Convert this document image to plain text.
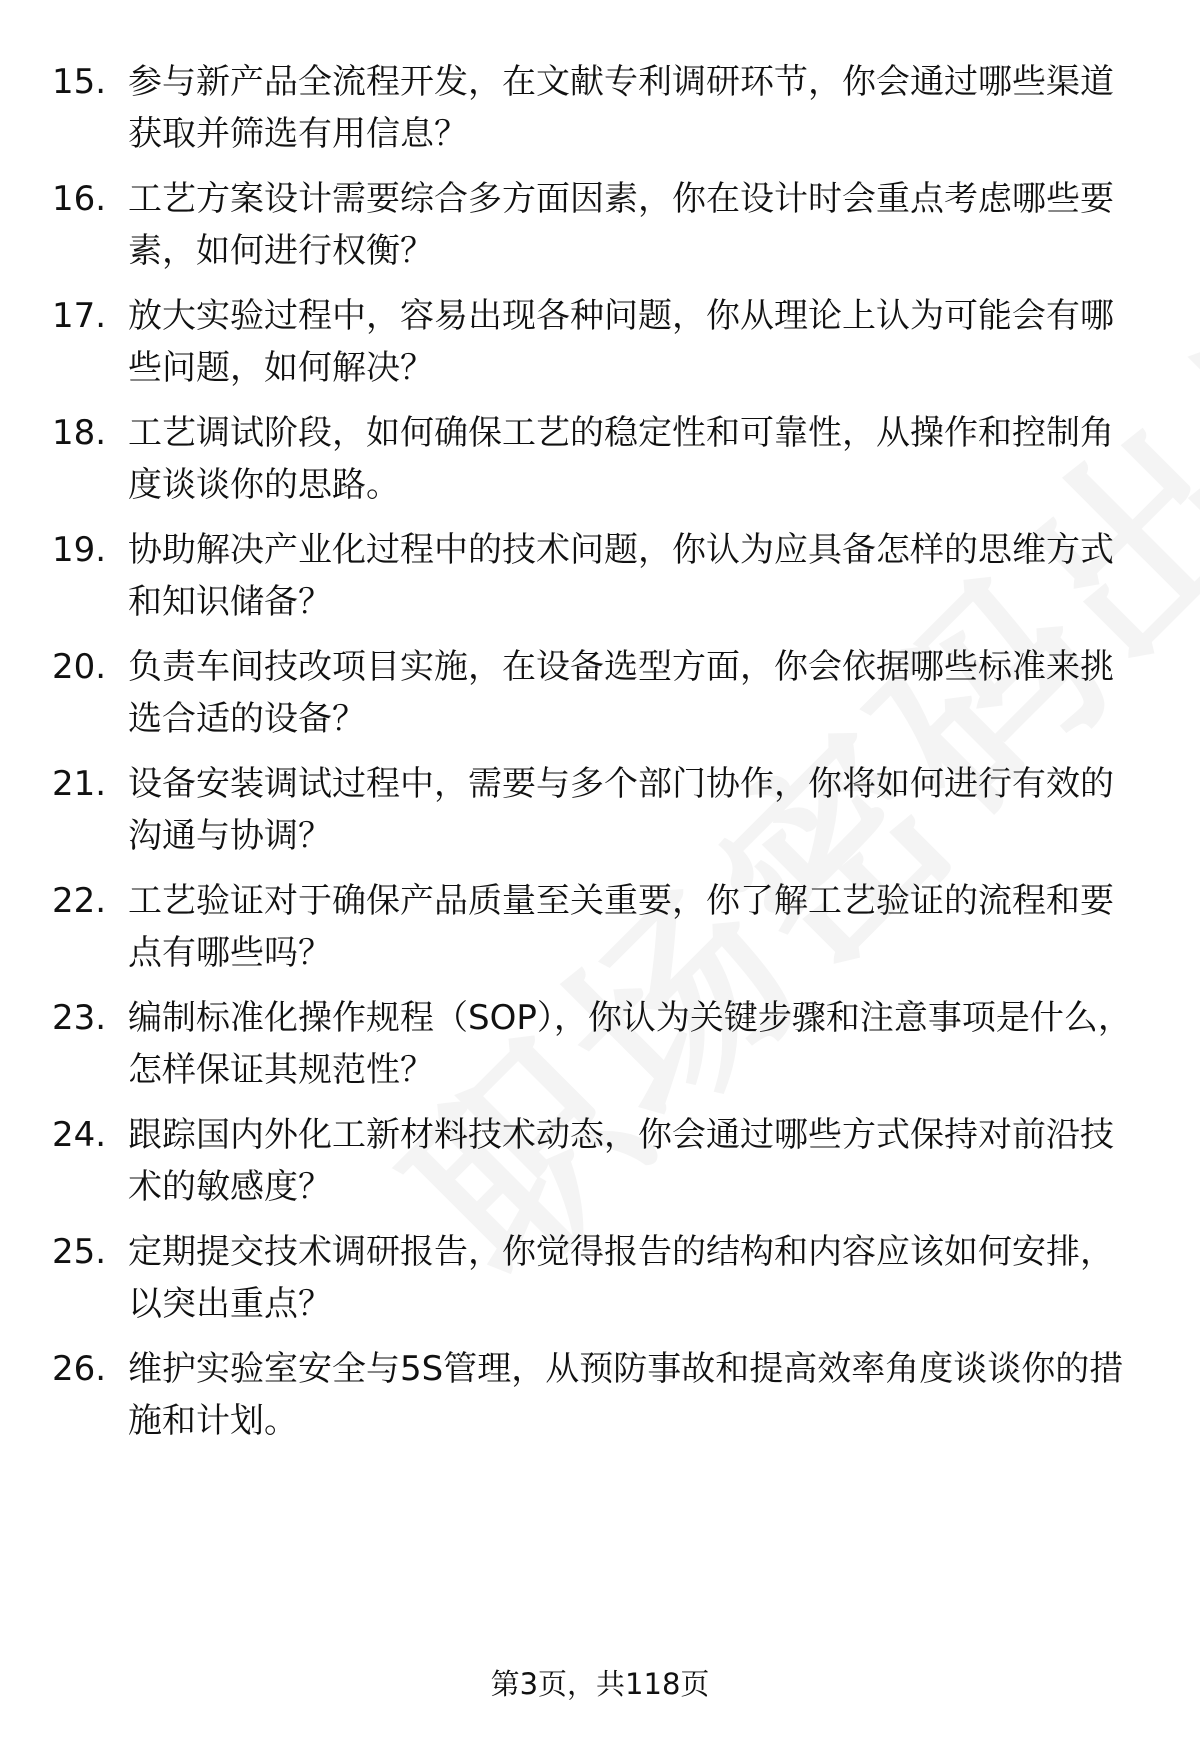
15. 参与新产品全流程开发，在文献专利调研环节，你会通过哪些渠道获取并筛选有用信息？
16. 工艺方案设计需要综合多方面因素，你在设计时会重点考虑哪些要素，如何进行权衡？
17. 放大实验过程中，容易出现各种问题，你从理论上认为可能会有哪些问题，如何解决？
18. 工艺调试阶段，如何确保工艺的稳定性和可靠性，从操作和控制角度谈谈你的思路。
19. 协助解决产业化过程中的技术问题，你认为应具备怎样的思维方式和知识储备？
20. 负责车间技改项目实施，在设备选型方面，你会依据哪些标准来挑选合适的设备？
21. 设备安装调试过程中，需要与多个部门协作，你将如何进行有效的沟通与协调？
22. 工艺验证对于确保产品质量至关重要，你了解工艺验证的流程和要点有哪些吗？
23. 编制标准化操作规程（SOP），你认为关键步骤和注意事项是什么，怎样保证其规范性？
24. 跟踪国内外化工新材料技术动态，你会通过哪些方式保持对前沿技术的敏感度？
25. 定期提交技术调研报告，你觉得报告的结构和内容应该如何安排，以突出重点？
26. 维护实验室安全与5S管理，从预防事故和提高效率角度谈谈你的措施和计划。
第3页，共118页
